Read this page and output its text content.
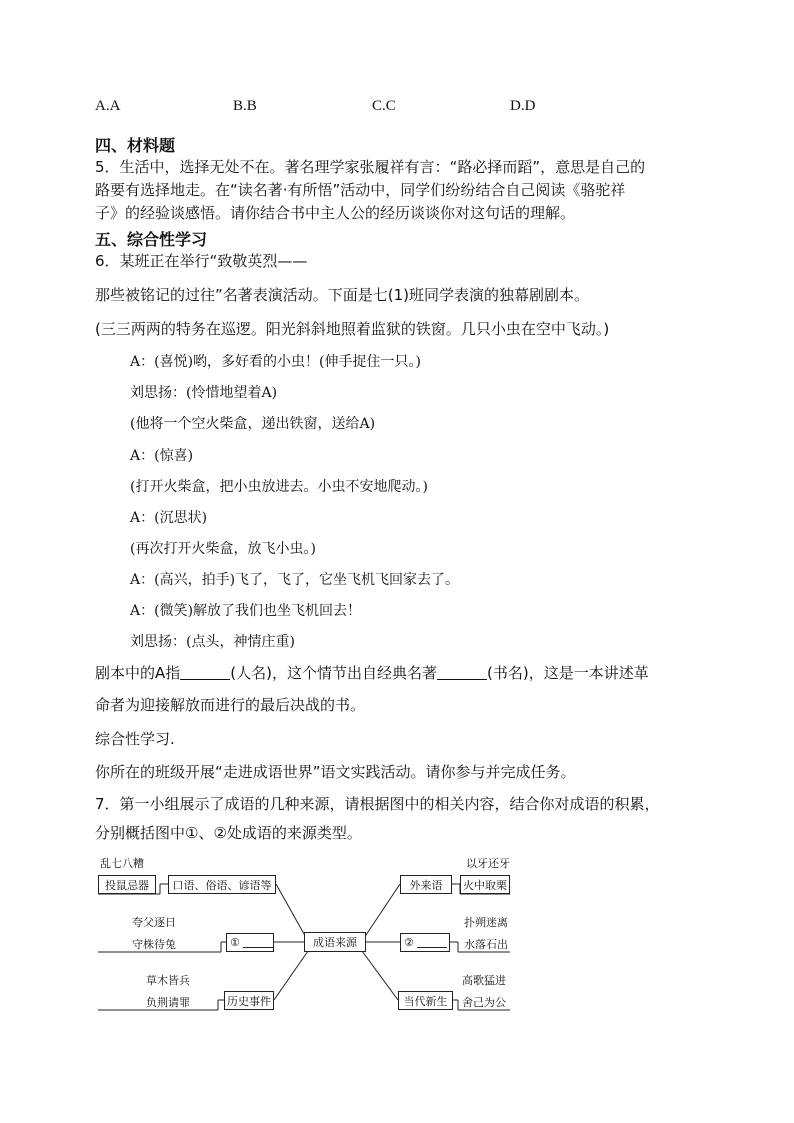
A.A	B.B	C.C	D.D
四、材料题
5．生活中，选择无处不在。著名理学家张履祥有言：“路必择而蹈”，意思是自己的
路要有选择地走。在“读名著·有所悟”活动中，同学们纷纷结合自己阅读《骆驼祥
子》的经验谈感悟。请你结合书中主人公的经历谈谈你对这句话的理解。
五、综合性学习
6．某班正在举行“致敬英烈——
那些被铭记的过往”名著表演活动。下面是七(1)班同学表演的独幕剧剧本。
(三三两两的特务在巡逻。阳光斜斜地照着监狱的铁窗。几只小虫在空中飞动。)
A：(喜悦)哟，多好看的小虫！(伸手捉住一只。)
刘思扬：(怜惜地望着A)
(他将一个空火柴盒，递出铁窗，送给A)
A：(惊喜)
(打开火柴盒，把小虫放进去。小虫不安地爬动。)
A：(沉思状)
(再次打开火柴盒，放飞小虫。)
A：(高兴，拍手)飞了，飞了，它坐飞机飞回家去了。
A：(微笑)解放了我们也坐飞机回去！
刘思扬：(点头，神情庄重)
剧本中的A指	(人名)，这个情节出自经典名著	(书名)，这是一本讲述革
命者为迎接解放而进行的最后决战的书。
综合性学习.
你所在的班级开展“走进成语世界”语文实践活动。请你参与并完成任务。
7．第一小组展示了成语的几种来源，请根据图中的相关内容，结合你对成语的积累，
分别概括图中①、②处成语的来源类型。
成语来源
乱七八糟
投鼠忌器	口语、俗语、谚语等
夸父逐日
守株待兔	①
草木皆兵
负荆请罪	历史事件
以牙还牙
外来语	火中取栗
扑朔迷离
②	水落石出
高歌猛进
当代新生	舍己为公
